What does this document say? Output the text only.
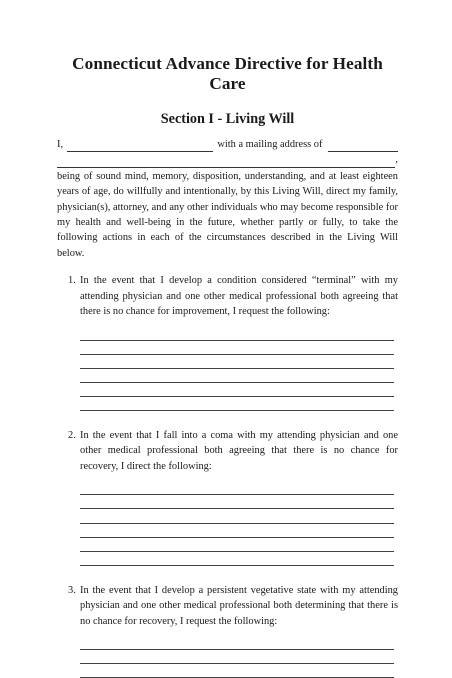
Connecticut Advance Directive for Health Care
Section I - Living Will
I,	with a mailing address of
,

being of sound mind, memory, disposition, understanding, and at least eighteen years of age, do willfully and intentionally, by this Living Will, direct my family, physician(s), attorney, and any other individuals who may become responsible for my health and well-being in the future, whether partly or fully, to take the following actions in each of the circumstances described in the Living Will below.

1. In the event that I develop a condition considered “terminal” with my attending physician and one other medical professional both agreeing that there is no chance for improvement, I request the following:
2. In the event that I fall into a coma with my attending physician and one other medical professional both agreeing that there is no chance for recovery, I direct the following:
3. In the event that I develop a persistent vegetative state with my attending physician and one other medical professional both determining that there is no chance for recovery, I request the following:
